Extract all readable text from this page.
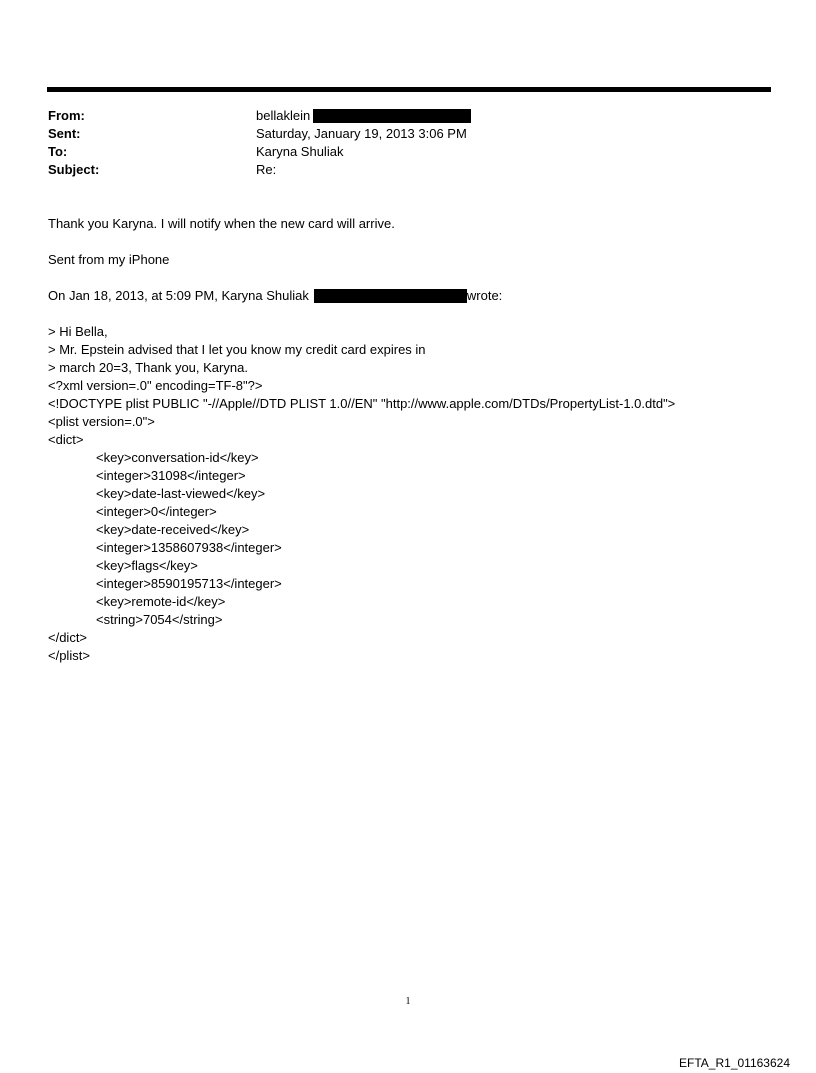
From:	bellaklein
Sent:	Saturday, January 19, 2013 3:06 PM
To:	Karyna Shuliak
Subject:	Re:
Thank you Karyna. I will notify when the new card will arrive.
Sent from my iPhone
On Jan 18, 2013, at 5:09 PM, Karyna Shuliak	wrote:
> Hi Bella,
> Mr. Epstein advised that I let you know my credit card expires in
> march 20=3, Thank you, Karyna.
<?xml version=.0" encoding=TF-8"?>
<!DOCTYPE plist PUBLIC "-//Apple//DTD PLIST 1.0//EN" "http://www.apple.com/DTDs/PropertyList-1.0.dtd">
<plist version=.0">
<dict>
<key>conversation-id</key>
<integer>31098</integer>
<key>date-last-viewed</key>
<integer>0</integer>
<key>date-received</key>
<integer>1358607938</integer>
<key>flags</key>
<integer>8590195713</integer>
<key>remote-id</key>
<string>7054</string>
</dict>
</plist>
1
EFTA_R1_01163624
